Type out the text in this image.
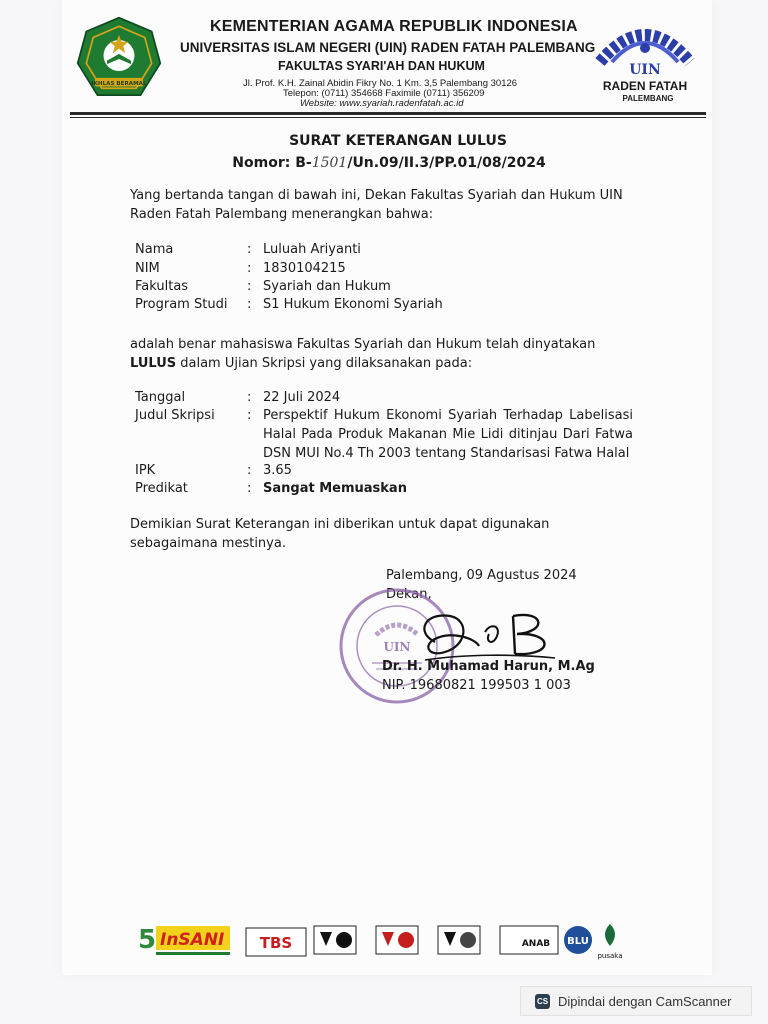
IKHLAS BERAMAL
KEMENTERIAN AGAMA REPUBLIK INDONESIA
UNIVERSITAS ISLAM NEGERI (UIN) RADEN FATAH PALEMBANG
FAKULTAS SYARI'AH DAN HUKUM
Jl. Prof. K.H. Zainal Abidin Fikry No. 1 Km. 3,5 Palembang 30126
Telepon: (0711) 354668 Faximile (0711) 356209
Website: www.syariah.radenfatah.ac.id
UIN
RADEN FATAH
PALEMBANG
SURAT KETERANGAN LULUS
Nomor: B-1501/Un.09/II.3/PP.01/08/2024
Yang bertanda tangan di bawah ini, Dekan Fakultas Syariah dan Hukum UIN Raden Fatah Palembang menerangkan bahwa:
Nama	: Luluah Ariyanti
NIM	: 1830104215
Fakultas	: Syariah dan Hukum
Program Studi	: S1 Hukum Ekonomi Syariah
adalah benar mahasiswa Fakultas Syariah dan Hukum telah dinyatakan LULUS dalam Ujian Skripsi yang dilaksanakan pada:
Tanggal	: 22 Juli 2024
Judul Skripsi	: Perspektif Hukum Ekonomi Syariah Terhadap Labelisasi Halal Pada Produk Makanan Mie Lidi ditinjau Dari Fatwa DSN MUI No.4 Th 2003 tentang Standarisasi Fatwa Halal
IPK	: 3.65
Predikat	: Sangat Memuaskan
Demikian Surat Keterangan ini diberikan untuk dapat digunakan sebagaimana mestinya.
Palembang, 09 Agustus 2024
Dekan,
UIN
Dr. H. Muhamad Harun, M.Ag
NIP. 19680821 199503 1 003
5 InSANI TBS	ANAB BLU
pusaka
CS Dipindai dengan CamScanner
